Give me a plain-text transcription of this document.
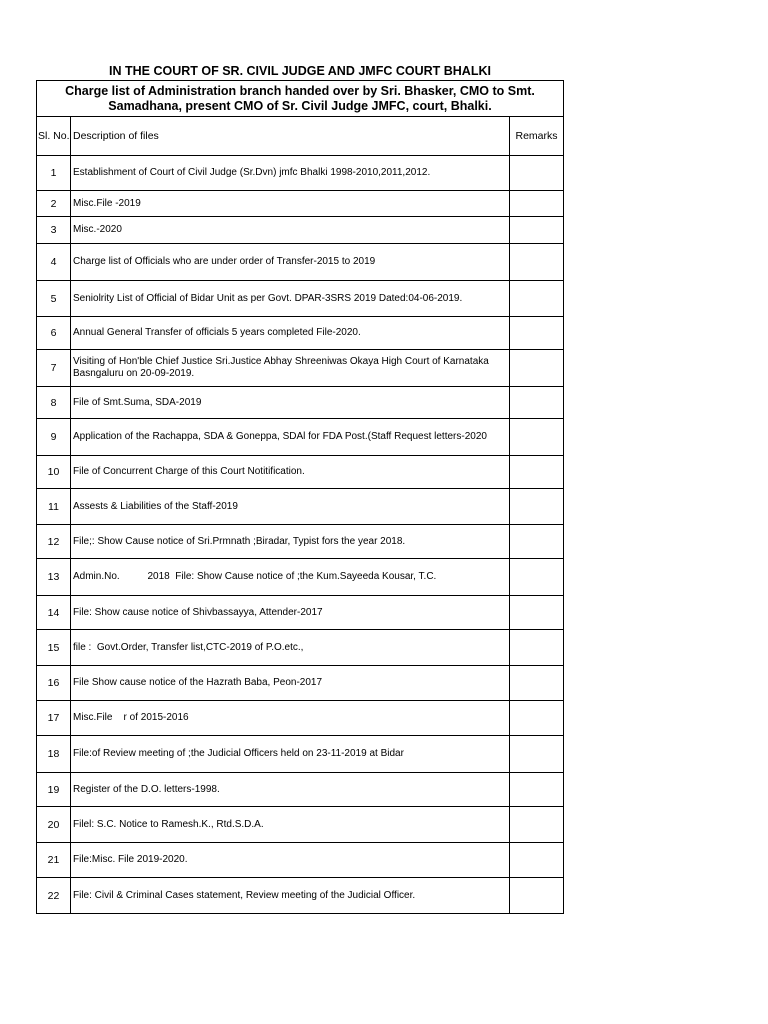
IN THE COURT OF SR. CIVIL JUDGE AND JMFC COURT BHALKI
Charge list of Administration branch handed over by Sri. Bhasker, CMO to Smt.
Samadhana, present CMO of Sr. Civil Judge JMFC, court, Bhalki.		

Sl. No.	Description of files	Remarks
1	Establishment of Court of Civil Judge (Sr.Dvn) jmfc Bhalki 1998-2010,2011,2012.	
2	Misc.File -2019	
3	Misc.-2020	
4	Charge list of Officials who are under order of Transfer-2015 to 2019	
5	Seniolrity List of Official of Bidar Unit as per Govt. DPAR-3SRS 2019 Dated:04-06-2019.	
6	Annual General Transfer of officials 5 years completed File-2020.	
7	Visiting of Hon'ble Chief Justice Sri.Justice Abhay Shreeniwas Okaya High Court of Karnataka Basngaluru on 20-09-2019.	
8	File of Smt.Suma, SDA-2019	
9	Application of the Rachappa, SDA & Goneppa, SDAl for FDA Post.(Staff Request letters-2020	
10	File of Concurrent Charge of this Court Notitification.	
11	Assests & Liabilities of the Staff-2019	
12	File;: Show Cause notice of Sri.Prmnath ;Biradar, Typist fors the year 2018.	
13	Admin.No.          2018  File: Show Cause notice of ;the Kum.Sayeeda Kousar, T.C.	
14	File: Show cause notice of Shivbassayya, Attender-2017	
15	file :  Govt.Order, Transfer list,CTC-2019 of P.O.etc.,	
16	File Show cause notice of the Hazrath Baba, Peon-2017	
17	Misc.File    r of 2015-2016	
18	File:of Review meeting of ;the Judicial Officers held on 23-11-2019 at Bidar	
19	Register of the D.O. letters-1998.	
20	Filel: S.C. Notice to Ramesh.K., Rtd.S.D.A.	
21	File:Misc. File 2019-2020.	
22	File: Civil & Criminal Cases statement, Review meeting of the Judicial Officer.	
